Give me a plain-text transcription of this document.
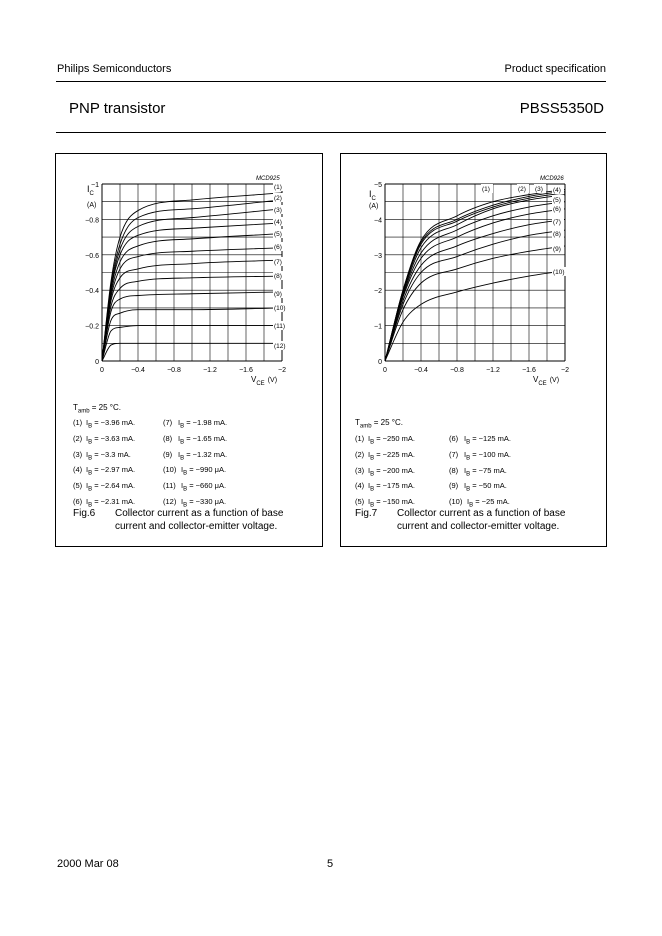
Philips Semiconductors	Product specification
PNP transistor	PBSS5350D
(1)
(2)
(3)
(4)
(5)
(6)
(7)
(8)
(9)
(10)
(11)
(12)
−1
−0.8
−0.6
−0.4
−0.2
0
0	−0.4	−0.8	−1.2	−1.6	−2
MCD925
$I_C$
(A)
$V_{CE}$ (V)
$T_{amb} = 25$ °C.
(1) $I_B = -3.96$ mA.
(2) $I_B = -3.63$ mA.
(3) $I_B = -3.3$ mA.
(4) $I_B = -2.97$ mA.
(5) $I_B = -2.64$ mA.
(6) $I_B = -2.31$ mA.
(7) $I_B = -1.98$ mA.
(8) $I_B = -1.65$ mA.
(9) $I_B = -1.32$ mA.
(10) $I_B = -990$ μA.
(11) $I_B = -660$ μA.
(12) $I_B = -330$ μA.
Fig.6 Collector current as a function of base current and collector-emitter voltage.
(1)	(2) (3) (4)
(5)
(6)
(7)
(8)
(9)
(10)
−5
−4
−3
−2
−1
0
0	−0.4	−0.8	−1.2	−1.6	−2
MCD926
$I_C$
(A)
$V_{CE}$ (V)
$T_{amb} = 25$ °C.
(1) $I_B = -250$ mA.
(2) $I_B = -225$ mA.
(3) $I_B = -200$ mA.
(4) $I_B = -175$ mA.
(5) $I_B = -150$ mA.
(6) $I_B = -125$ mA.
(7) $I_B = -100$ mA.
(8) $I_B = -75$ mA.
(9) $I_B = -50$ mA.
(10) $I_B = -25$ mA.
Fig.7 Collector current as a function of base current and collector-emitter voltage.
2000 Mar 08	5
